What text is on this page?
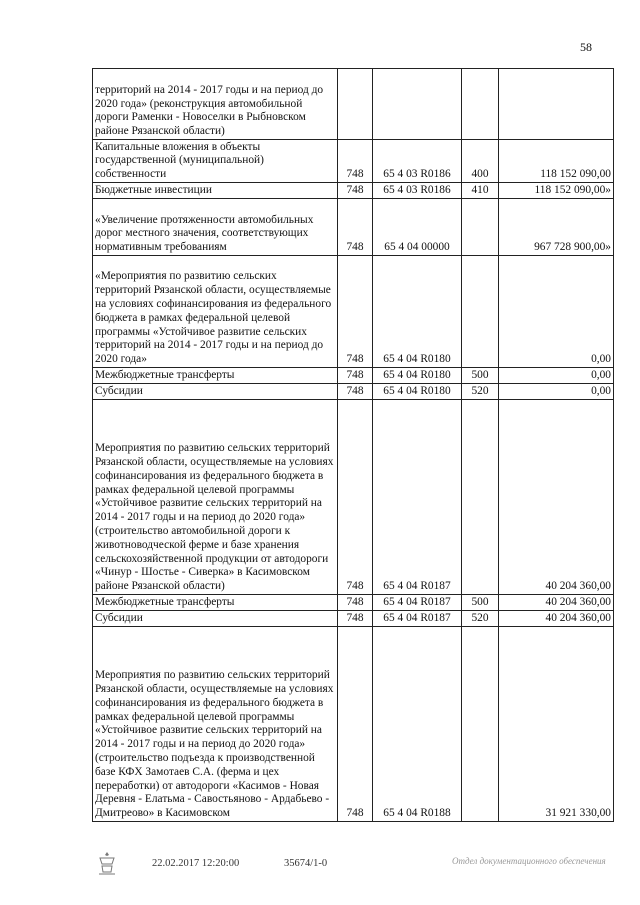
58
территорий на 2014 - 2017 годы и на период до 2020 года» (реконструкция автомобильной дороги Раменки - Новоселки в Рыбновском районе Рязанской области)				
Капитальные вложения в объекты государственной (муниципальной) собственности	748	65 4 03 R0186	400	118 152 090,00
Бюджетные инвестиции	748	65 4 03 R0186	410	118 152 090,00»
«Увеличение протяженности автомобильных дорог местного значения, соответствующих нормативным требованиям	748	65 4 04 00000		967 728 900,00»
«Мероприятия по развитию сельских территорий Рязанской области, осуществляемые на условиях софинансирования из федерального бюджета в рамках федеральной целевой программы «Устойчивое развитие сельских территорий на 2014 - 2017 годы и на период до 2020 года»	748	65 4 04 R0180		0,00
Межбюджетные трансферты	748	65 4 04 R0180	500	0,00
Субсидии	748	65 4 04 R0180	520	0,00
Мероприятия по развитию сельских территорий Рязанской области, осуществляемые на условиях софинансирования из федерального бюджета в рамках федеральной целевой программы «Устойчивое развитие сельских территорий на 2014 - 2017 годы и на период до 2020 года» (строительство автомобильной дороги к животноводческой ферме и базе хранения сельскохозяйственной продукции от автодороги «Чинур - Шостье - Сиверка» в Касимовском районе Рязанской области)	748	65 4 04 R0187		40 204 360,00
Межбюджетные трансферты	748	65 4 04 R0187	500	40 204 360,00
Субсидии	748	65 4 04 R0187	520	40 204 360,00
Мероприятия по развитию сельских территорий Рязанской области, осуществляемые на условиях софинансирования из федерального бюджета в рамках федеральной целевой программы «Устойчивое развитие сельских территорий на 2014 - 2017 годы и на период до 2020 года» (строительство подъезда к производственной базе КФХ Замотаев С.А. (ферма и цех переработки) от автодороги «Касимов - Новая Деревня - Елатьма - Савостьяново - Ардабьево - Дмитреово» в Касимовском	748	65 4 04 R0188		31 921 330,00
22.02.2017 12:20:00	35674/1-0	Отдел документационного обеспечения
